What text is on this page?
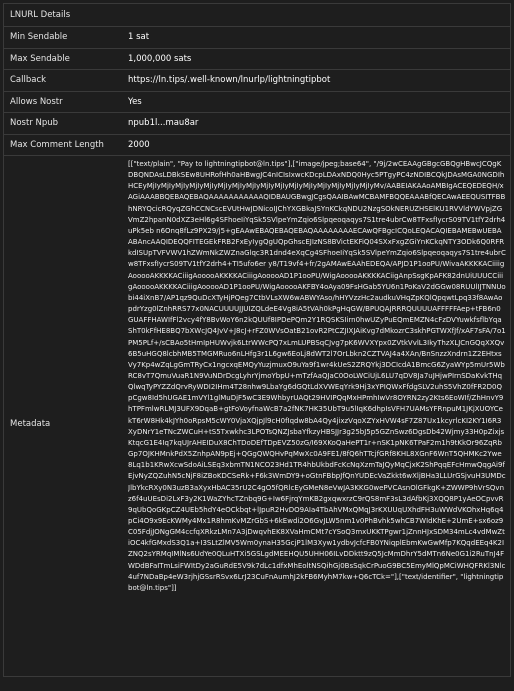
LNURL Details
Min Sendable	1 sat
Max Sendable	1,000,000 sats
Callback	https://ln.tips/.well-known/lnurlp/lightningtipbot
Allows Nostr	Yes
Nostr Npub	npub1l...mau8ar
Max Comment Length	2000
Metadata
[["text/plain", "Pay to lightningtipbot@ln.tips"],["image/jpeg;base64", "/9j/2wCEAAgGBgcGBQgHBwcJCQgKDBQNDAsLDBkSEw8UHRofHh0aHBwgJC4nICIsIxwcKDcpLDAxNDQ0Hyc5PTgyPC4zNDIBCQkJDAsMGA0NGDIhHCEyMjIyMjIyMjIyMjIyMjIyMjIyMjIyMjIyMjIyMjIyMjIyMjIyMjIyMjIyMjIyMjIyMv/AABEIAKAAoAMBIgACEQEDEQH/xAGiAAABBQEBAQEBAQAAAAAAAAAAAQIDBAUGBwgJCgsQAAIBAwMCBAMFBQQEAAABfQECAwAEEQUSITFBBhNRYQcicRQyqZGhCCNCscEVUtHwJDNicoIJChYXGBkaJSYnKCkqNDU2NzgSOkNERUZHSElKU1RVVldYWVpjZGVmZ2hpanN0dXZ3eHl6g4SFhoeIiYqSk5SVlpeYmZqio6Slpqeoqaqys7S1tre4ubrCw8TFxsfIycrS09TV1tfY2drh4uPk5eb n6Onq8fLz9PX29/j5+gEAAwEBAQEBAQEBAQAAAAAAAAECAwQFBgcICQoLEQACAQIEBAMEBwUEBAABAncAAQIDEQQFITEGEkFRB2FxEyIygQgUQpGhscEJIzNS8BVictEKFiQ04SXxFxgZGiYnKCkqNTY3ODk6Q0RFRkdISUpTVFVWV1hZWmNkZWZnaGlqc3R1dnd4eXqCg4SFhoeIiYqSk5SVlpeYmZqio6Slpqeoqaqys7S1tre4ubrCw8TFxsfIycrS09TV1tfY2drh4+TI5ufo6er y8/T19vf4+fr/2gAMAwEAAhEDEQA/APJD1P1ooPU/WivaAKKKKACiiiigAooooAKKKKACiiigAooooAKKKKACiiigAooooAD1P1ooPU/WigAooooAKKKKACiigAnpSsgKpAFK82dnUiUUUCCiiigAooooAKKKKACiiigAooooAD1P1ooPU/WigAooooAKFBY4oAya09FsHGab5YU6n1PoKaV2dGGw08RUUlIJTNNUobi44iXnB7/AP1qz9QuDcXTyHjPQeg7CtbVLsXW6wABWYAso/hHYVzzHc2audkuVHqZpKQlQpqwtLpq33f8AwAopdrYzg0lZnhRRS77x0NACUUUUJJUIZQLdeE4Vg8iA5tVAh0kPgHqGW/BPUQAJRRRQUUUUAFFFFFAep+tFB6n0GUAFFHAWIfFl2vcy4fY8BvWoY6n2kQUUf8IPDePQm2Y1RQSKSIirn0hwUZyPuEQmEMZN4cFzDVYuwkfsflbYqaShT0kFfHE8BQ7bXWcJQ4JvV+J8cJ+rFZ0WVsOatB21ovR2PtCZJIXJAiKvg7dMkozrC3skhPGTWXfJf/xAF7sFA/7o1PM5PLf+/sCBAo5tHmIpHUWvjk6LtrWWcPQ7xLmLUPBSqCJvg7pK6WVXYpx0ZVtkVvlL3IkyThzXLJCnGQqXXQv6B5uHGQ8lcbhMB5TMGMRuo6nLHfg3r1L6gw6EoLj8dWT2l7OrLbkn2CZTVAJ4a4XAn/BnSnzzXndrn1Z2EHtxsVy7Kp4wZqLgGmTRyCx1ngcxqEMQyYuzjmuxO9uYa9f1wr4kUeS2ZRQYkj3DCIcdA1BmcG6ZyaWYp5mUr5WbRC8vT7QmuVuaR1N9VuNDrDcgLyhrYjmoYbpU+mTzfAaQJaC0OoLWCiUjL6LU7qDV8Ja7uJHjwPIrnSDaKvkTHqQlwqTyPYZZdQrvRyWDI2IHm4T28nhw9LbaYg6dGQtLdXVWEqYrk9Hj3xYPIQWxFfdgSLV2uhS5VhZ0fFR2D0QpCgw8Id5hUGAE1mVYl1glMuDjF5wC3E9WhbyrUAQt29HVIPQqMxHPmhIwVr8OYRN2zy2Kts6EoWIf/ZhHnvY9hTPFmlwRLMJ3UFX9DqaB+gtFoVoyfnaWcB7a2fNK7HK35UbT9u5lIqK6dhpIsVFH7UAMsYFRnpuM1JKjXUOYCekT6rW8Hk4kJYh0oRpsM5cWY0VjaXQjpJl9cH0fIqdw8bA4Qy4jixzVqoXZYxHVW4sF7Z87Ux1kcyrlcKI2KY1I6R3XyDNrY1eTNcZWCuH+tS5Txwkhc3LPOTsQNZJsbaYfkzyHBSJJr3g25bJ5p5GZnSwz6DgsDb42Wjmy33H0pZixjsKtqcG1E4Iq7kqUJrAHEIDuX8ChTDoDEfTDpEVZ50zG/I69XKoQaHePT1r+nSK1pNK6TPaF2m1h9tKkOr96ZqRbGp7OJKHMnkPdX5ZnhpAN9pEj+QGgQWQHvPqMwXc0A9FE1/8fQ6hTTcjfGRf8KHL8XGnF6WnT5QHMKc2Ywe8Lq1b1KRwXcwSdoAiLSEq3xbmTN1NCO23Hd1TR4hbUkbdFcKcNqXzmTaJQyMqCjxK2ShPqqEFcHmwQqgAi9fEjvNyZQZuhN5cNjF8iZBoKDCSeRk+F6k3WmDY9+oGtnFBbpJfQnYUDEcVaZkkt6wXljBHa3LLUrGSjvuH3UMDcJlbYkcRXy0N3uzB3aXyxHbAC35rU2C4gO5fQRlcEyGMeN8eVwJA3KKG0wePVCAsnOlGFkgK+ZWWP9hVrSQvnz6f4uUEsDi2LxF3y2K1WaZYhcTZnbq9G+Iw6FjrqYmKB2gxqwxrzC9rQS8mF3sL3dAfbKj3XQQ8P1yAeOCpvvR9qUbQoGKpCZ4UEb5hdY4eOCkbqt+lJpuR2HvDO9AIa4TbAhVMxQMqJ3rKXUUqUXhdFH3uWWdVKOhxHq6q4pCi4O9x9EcKWMy4Mx1R8hmKvMZrGbS+6kEwdi2O6GvJLW5nm1v0PhBvhk5whCB7WIdKhE+2UmE+sx6oz9C05FdjJONgGM4ccfqXRkzLMn7A3jDwqvhEK8XVaHmCMt7cYSoQ3mxUKKTPgwr1jZnnHJxSDM34mLc4vdMwZtiOC4kfGMxdS3Q1a+I3SLtZlMV5Wm0ynaH35GcjP1lM3Xyw1ydbvJcfcFB0YNiqplEbmKwGwMfp7KQqdEEq4K2IZNQ2sYRMqIMlNs6UdYe0QLuHTXi5GSLgdMEEHQU5UHH06ILvDDktt9zQ5JcMmDhrY5dMTn6Ne0G1i2RuTnJ4FWDdBFaITmLsiFWItDy2aGuRdE5V9k7dLc1dfxMhEoltNSQihGj0BsSqkCrPuoG9BC5EmyMlQpMCiWHQFRKl3Nlc4uf7NDaBp4eW3rjhjGSsrRSvx6LrJ23CuFnAumhJ2kFB6MyhM7kw+Q6cTCk="],["text/identifier", "lightningtipbot@ln.tips"]]
